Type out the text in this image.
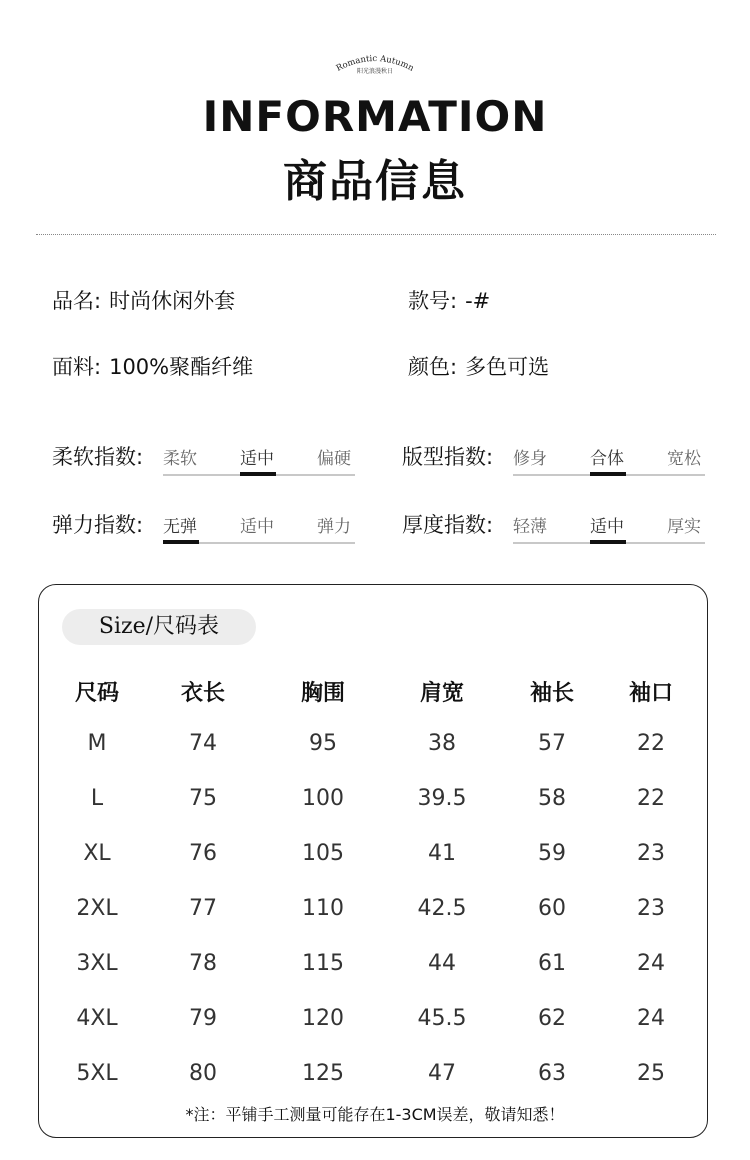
Romantic Autumn
阳光浪漫秋日
INFORMATION
商品信息
品名: 时尚休闲外套	款号: -#
面料: 100%聚酯纤维	颜色: 多色可选
柔软指数: 柔软	适中	偏硬 版型指数: 修身	合体	宽松
弹力指数: 无弹	适中	弹力 厚度指数: 轻薄	适中	厚实
Size/尺码表
尺码	衣长	胸围	肩宽	袖长	袖口
M	74	95	38	57	22
L	75	100	39.5	58	22
XL	76	105	41	59	23
2XL	77	110	42.5	60	23
3XL	78	115	44	61	24
4XL	79	120	45.5	62	24
5XL	80	125	47	63	25
*注：平铺手工测量可能存在1-3CM误差，敬请知悉！
